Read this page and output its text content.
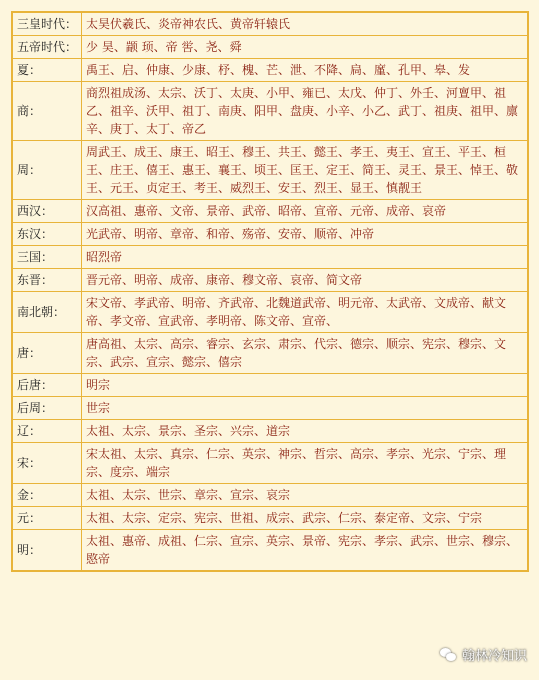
三皇时代：	太昊伏羲氏、炎帝神农氏、黄帝轩辕氏
五帝时代：	少 昊、颛 顼、帝 喾、尧、舜
夏：	禹王、启、仲康、少康、杼、槐、芒、泄、不降、扃、廑、孔甲、皋、发
商：	商烈祖成汤、太宗、沃丁、太庚、小甲、雍已、太戊、仲丁、外壬、河亶甲、祖乙、祖辛、沃甲、祖丁、南庚、阳甲、盘庚、小辛、小乙、武丁、祖庚、祖甲、廪辛、庚丁、太丁、帝乙
周：	周武王、成王、康王、昭王、穆王、共王、懿王、孝王、夷王、宣王、平王、桓王、庄王、僖王、惠王、襄王、顷王、匡王、定王、简王、灵王、景王、悼王、敬王、元王、贞定王、考王、威烈王、安王、烈王、显王、慎靓王
西汉：	汉高祖、惠帝、文帝、景帝、武帝、昭帝、宣帝、元帝、成帝、哀帝
东汉：	光武帝、明帝、章帝、和帝、殇帝、安帝、顺帝、冲帝
三国：	昭烈帝
东晋：	晋元帝、明帝、成帝、康帝、穆文帝、哀帝、简文帝
南北朝：	宋文帝、孝武帝、明帝、齐武帝、北魏道武帝、明元帝、太武帝、文成帝、献文帝、孝文帝、宣武帝、孝明帝、陈文帝、宣帝、
唐：	唐高祖、太宗、高宗、睿宗、玄宗、肃宗、代宗、德宗、顺宗、宪宗、穆宗、文宗、武宗、宣宗、懿宗、僖宗
后唐：	明宗
后周：	世宗
辽：	太祖、太宗、景宗、圣宗、兴宗、道宗
宋：	宋太祖、太宗、真宗、仁宗、英宗、神宗、哲宗、高宗、孝宗、光宗、宁宗、理宗、度宗、端宗
金：	太祖、太宗、世宗、章宗、宣宗、哀宗
元：	太祖、太宗、定宗、宪宗、世祖、成宗、武宗、仁宗、泰定帝、文宗、宁宗
明：	太祖、惠帝、成祖、仁宗、宣宗、英宗、景帝、宪宗、孝宗、武宗、世宗、穆宗、愍帝
翰林冷知识
